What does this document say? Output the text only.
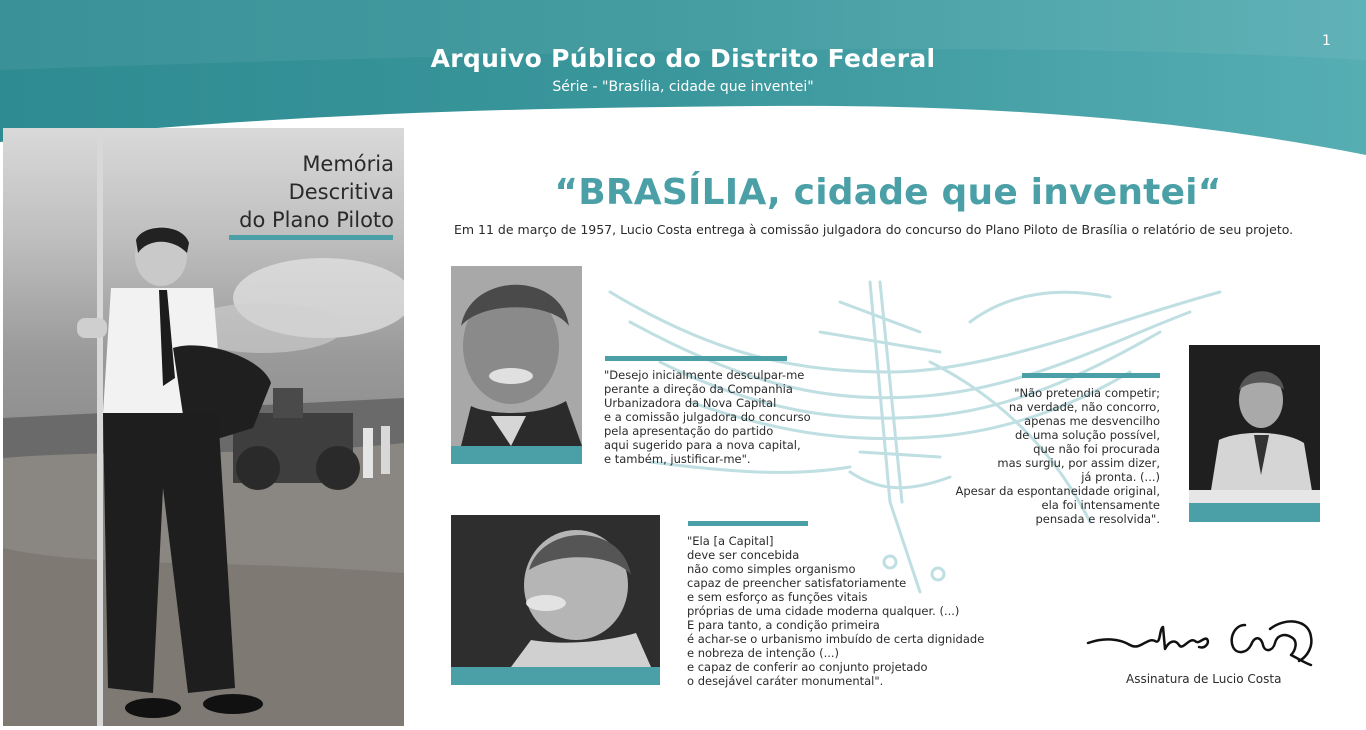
Arquivo Público do Distrito Federal
Série - "Brasília, cidade que inventei"
1
Memória
Descritiva
do Plano Piloto
“BRASÍLIA, cidade que inventei“
Em 11 de março de 1957, Lucio Costa entrega à comissão julgadora do concurso do Plano Piloto de Brasília o relatório de seu projeto.
"Desejo inicialmente desculpar-me
perante a direção da Companhia
Urbanizadora da Nova Capital
e a comissão julgadora do concurso
pela apresentação do partido
aqui sugerido para a nova capital,
e também, justificar-me".
"Não pretendia competir;
na verdade, não concorro,
apenas me desvencilho
de uma solução possível,
que não foi procurada
mas surgiu, por assim dizer,
já pronta. (...)
Apesar da espontaneidade original,
ela foi intensamente
pensada e resolvida".
"Ela [a Capital]
deve ser concebida
não como simples organismo
capaz de preencher satisfatoriamente
e sem esforço as funções vitais
próprias de uma cidade moderna qualquer. (...)
E para tanto, a condição primeira
é achar-se o urbanismo imbuído de certa dignidade
e nobreza de intenção (...)
e capaz de conferir ao conjunto projetado
o desejável caráter monumental".	Assinatura de Lucio Costa
